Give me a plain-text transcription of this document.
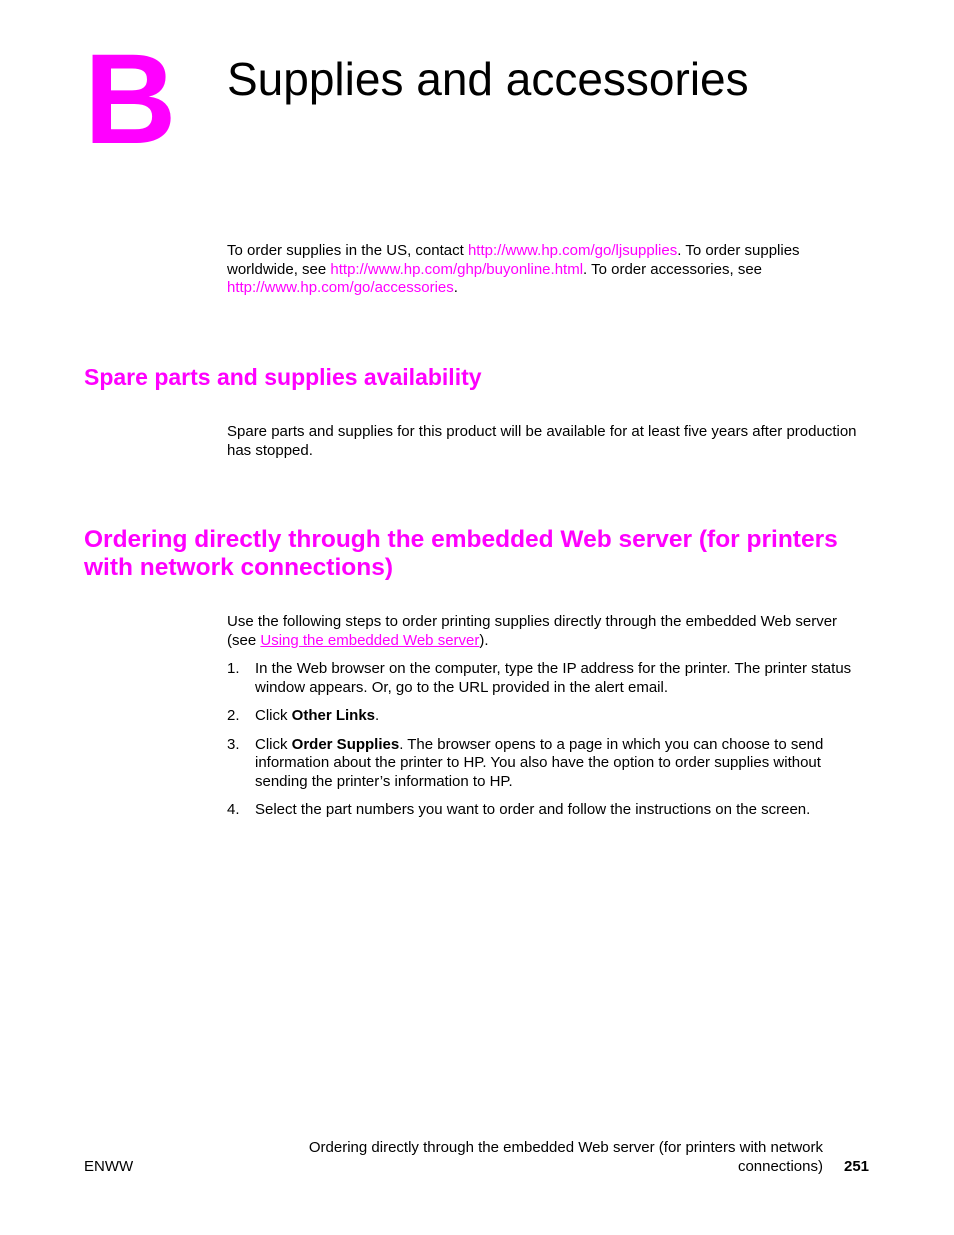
B Supplies and accessories

To order supplies in the US, contact http://www.hp.com/go/ljsupplies. To order supplies worldwide, see http://www.hp.com/ghp/buyonline.html. To order accessories, see http://www.hp.com/go/accessories.

Spare parts and supplies availability

Spare parts and supplies for this product will be available for at least five years after production has stopped.

Ordering directly through the embedded Web server (for printers with network connections)

Use the following steps to order printing supplies directly through the embedded Web server (see Using the embedded Web server).

1. In the Web browser on the computer, type the IP address for the printer. The printer status window appears. Or, go to the URL provided in the alert email.
2. Click Other Links.
3. Click Order Supplies. The browser opens to a page in which you can choose to send information about the printer to HP. You also have the option to order supplies without sending the printer’s information to HP.
4. Select the part numbers you want to order and follow the instructions on the screen.
ENWW
Ordering directly through the embedded Web server (for printers with network connections) 251
